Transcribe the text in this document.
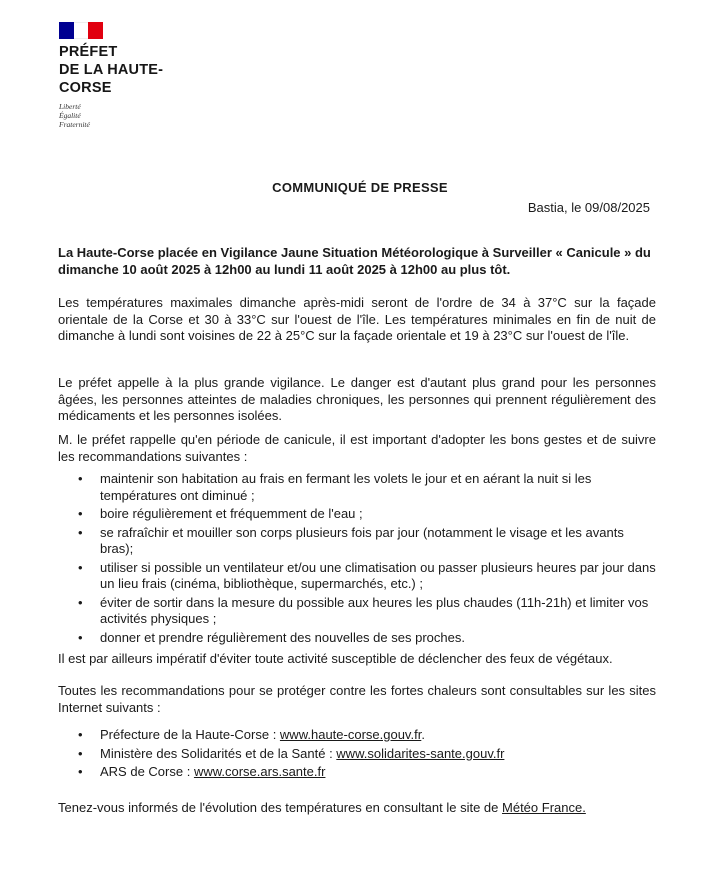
PRÉFET
DE LA HAUTE-
CORSE
Liberté
Égalité
Fraternité
COMMUNIQUÉ DE PRESSE
Bastia, le 09/08/2025
La Haute-Corse placée en Vigilance Jaune Situation Météorologique à Surveiller « Canicule » du dimanche 10 août 2025 à 12h00 au lundi 11 août 2025 à 12h00 au plus tôt.
Les températures maximales dimanche après-midi seront de l'ordre de 34 à 37°C sur la façade orientale de la Corse et 30 à 33°C sur l'ouest de l'île. Les températures minimales en fin de nuit de dimanche à lundi sont voisines de 22 à 25°C sur la façade orientale et 19 à 23°C sur l'ouest de l'île.
Le préfet appelle à la plus grande vigilance. Le danger est d'autant plus grand pour les personnes âgées, les personnes atteintes de maladies chroniques, les personnes qui prennent régulièrement des médicaments et les personnes isolées.
M. le préfet rappelle qu'en période de canicule, il est important d'adopter les bons gestes et de suivre les recommandations suivantes :
• maintenir son habitation au frais en fermant les volets le jour et en aérant la nuit si les températures ont diminué ;
• boire régulièrement et fréquemment de l'eau ;
• se rafraîchir et mouiller son corps plusieurs fois par jour (notamment le visage et les avants bras);
• utiliser si possible un ventilateur et/ou une climatisation ou passer plusieurs heures par jour dans un lieu frais (cinéma, bibliothèque, supermarchés, etc.) ;
• éviter de sortir dans la mesure du possible aux heures les plus chaudes (11h-21h) et limiter vos activités physiques ;
• donner et prendre régulièrement des nouvelles de ses proches.
Il est par ailleurs impératif d'éviter toute activité susceptible de déclencher des feux de végétaux.
Toutes les recommandations pour se protéger contre les fortes chaleurs sont consultables sur les sites Internet suivants :
• Préfecture de la Haute-Corse : www.haute-corse.gouv.fr.
• Ministère des Solidarités et de la Santé : www.solidarites-sante.gouv.fr
• ARS de Corse : www.corse.ars.sante.fr
Tenez-vous informés de l'évolution des températures en consultant le site de Météo France.
